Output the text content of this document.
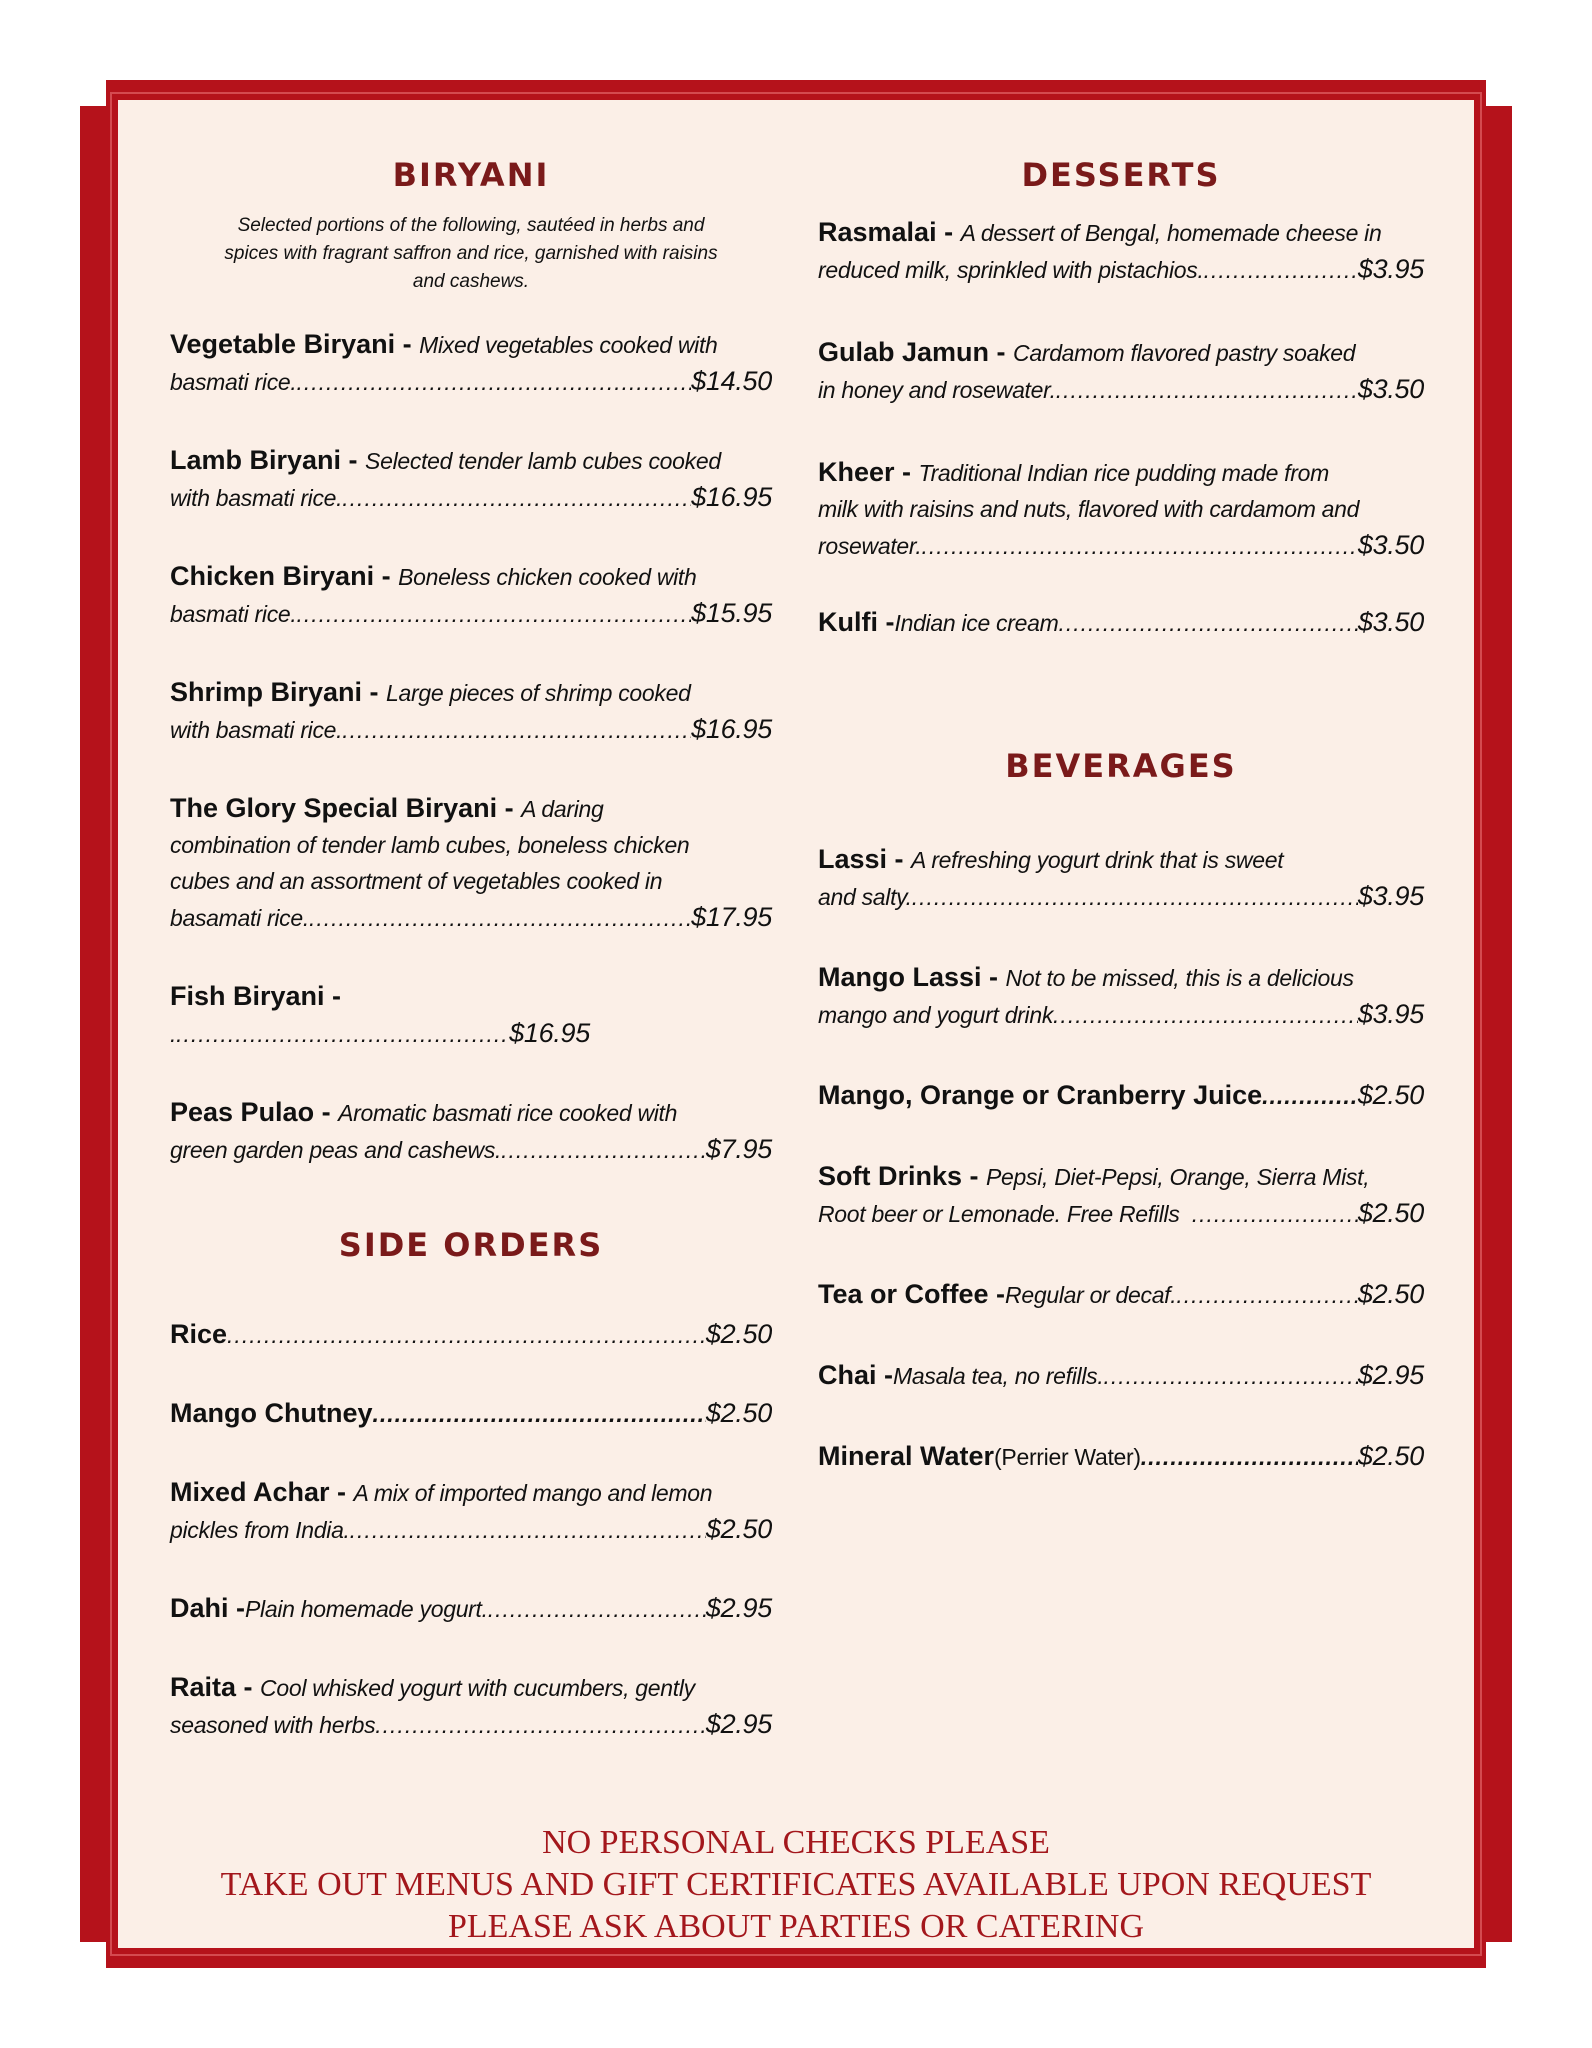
BIRYANI

Selected portions of the following, sautéed in herbs and spices with fragrant saffron and rice, garnished with raisins and cashews.

Vegetable Biryani - Mixed vegetables cooked with
basmati rice. .....	$14.50
Lamb Biryani - Selected tender lamb cubes cooked
with basmati rice. .....	$16.95
Chicken Biryani - Boneless chicken cooked with
basmati rice. .....	$15.95
Shrimp Biryani - Large pieces of shrimp cooked
with basmati rice. .....	$16.95
The Glory Special Biryani - A daring
combination of tender lamb cubes, boneless chicken
cubes and an assortment of vegetables cooked in
basamati rice. .....	$17.95
Fish Biryani -
. .....	$16.95
Peas Pulao - Aromatic basmati rice cooked with
green garden peas and cashews. .....	$7.95
SIDE ORDERS
Rice .....	$2.50
Mango Chutney .....	$2.50
Mixed Achar - A mix of imported mango and lemon
pickles from India. .....	$2.50
Dahi - Plain homemade yogurt. .....	$2.95
Raita - Cool whisked yogurt with cucumbers, gently
seasoned with herbs .....	$2.95
DESSERTS
Rasmalai - A dessert of Bengal, homemade cheese in
reduced milk, sprinkled with pistachios. .....	$3.95
Gulab Jamun - Cardamom flavored pastry soaked
in honey and rosewater. .....	$3.50
Kheer - Traditional Indian rice pudding made from
milk with raisins and nuts, flavored with cardamom and
rosewater. .....	$3.50
Kulfi - Indian ice cream .....	$3.50
BEVERAGES
Lassi - A refreshing yogurt drink that is sweet
and salty. .....	$3.95
Mango Lassi - Not to be missed, this is a delicious
mango and yogurt drink .....	$3.95
Mango, Orange or Cranberry Juice .....	$2.50
Soft Drinks - Pepsi, Diet-Pepsi, Orange, Sierra Mist,
Root beer or Lemonade. Free Refills .....	$2.50
Tea or Coffee - Regular or decaf. .....	$2.50
Chai - Masala tea, no refills. .....	$2.95
Mineral Water (Perrier Water) .....	$2.50
NO PERSONAL CHECKS PLEASE
TAKE OUT MENUS AND GIFT CERTIFICATES AVAILABLE UPON REQUEST
PLEASE ASK ABOUT PARTIES OR CATERING
